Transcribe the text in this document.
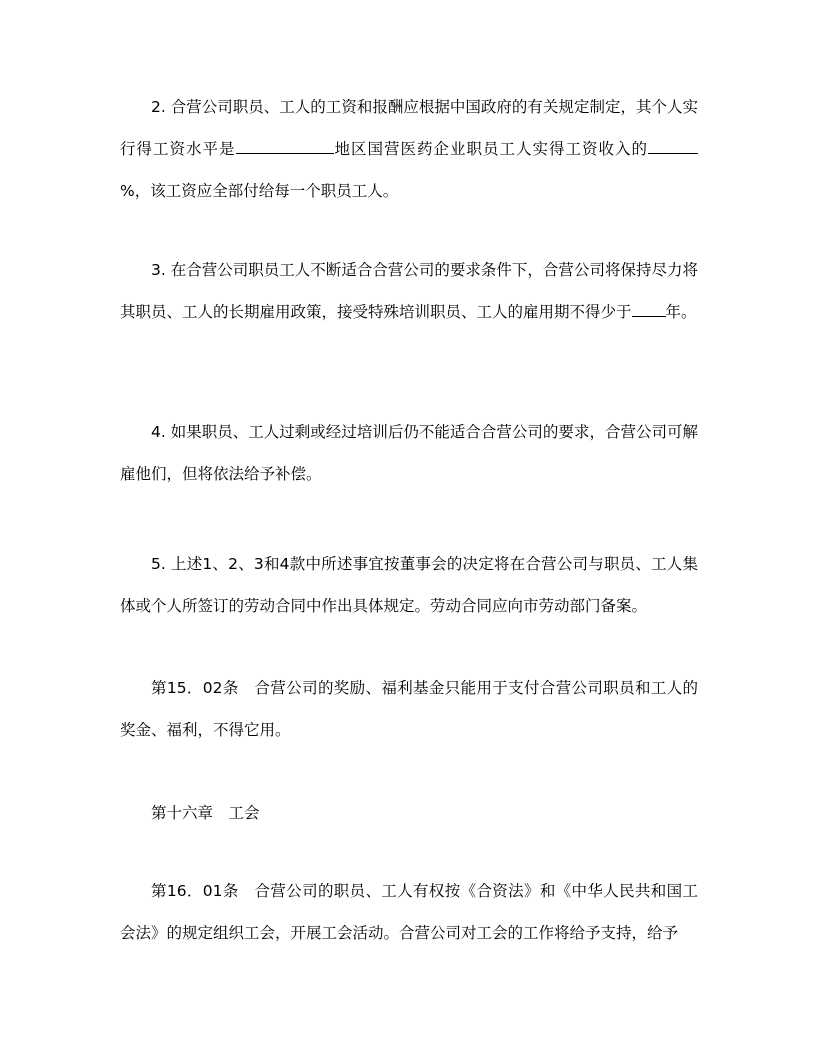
2. 合营公司职员、工人的工资和报酬应根据中国政府的有关规定制定，其个人实行得工资水平是	地区国营医药企业职员工人实得工资收入的%，该工资应全部付给每一个职员工人。

3. 在合营公司职员工人不断适合合营公司的要求条件下，合营公司将保持尽力将其职员、工人的长期雇用政策，接受特殊培训职员、工人的雇用期不得少于 年。

4. 如果职员、工人过剩或经过培训后仍不能适合合营公司的要求，合营公司可解雇他们，但将依法给予补偿。

5. 上述1、2、3和4款中所述事宜按董事会的决定将在合营公司与职员、工人集体或个人所签订的劳动合同中作出具体规定。劳动合同应向市劳动部门备案。

第15．02条　合营公司的奖励、福利基金只能用于支付合营公司职员和工人的奖金、福利，不得它用。

第十六章　工会

第16．01条　合营公司的职员、工人有权按《合资法》和《中华人民共和国工会法》的规定组织工会，开展工会活动。合营公司对工会的工作将给予支持，给予
